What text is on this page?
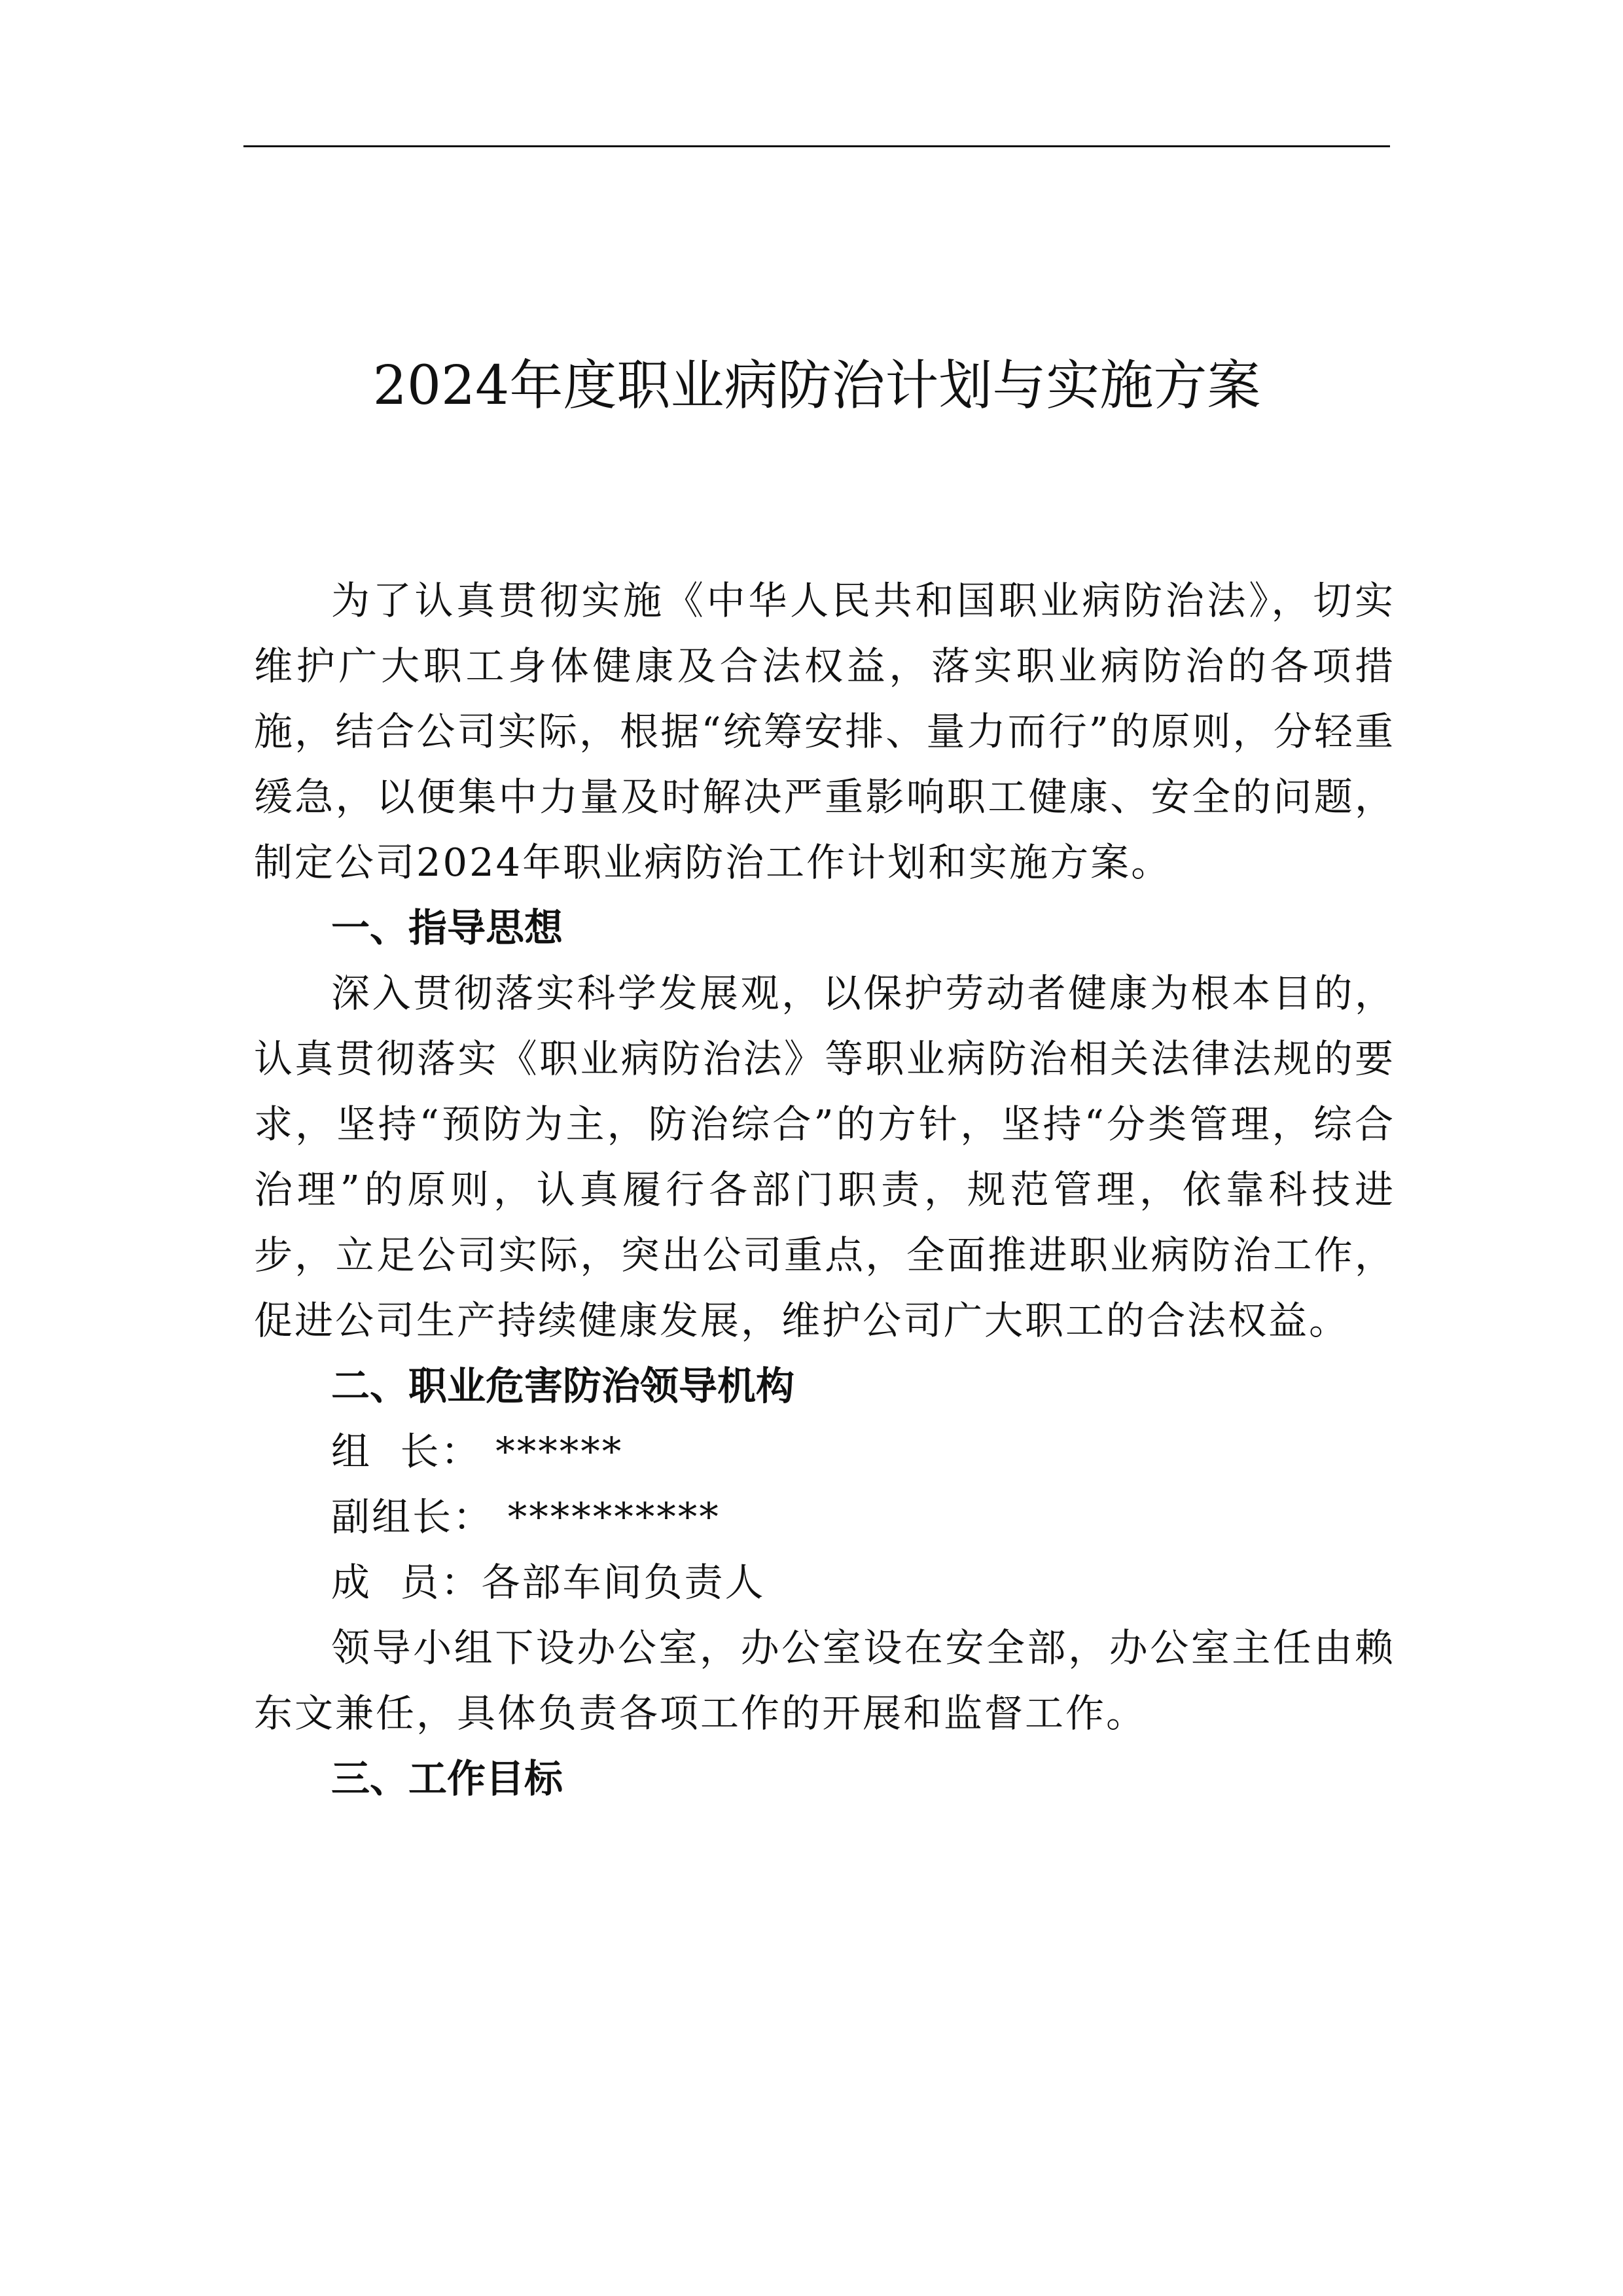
2024年度职业病防治计划与实施方案

为了认真贯彻实施《中华人民共和国职业病防治法》，切实维护广大职工身体健康及合法权益，落实职业病防治的各项措施，结合公司实际，根据“统筹安排、量力而行”的原则，分轻重缓急，以便集中力量及时解决严重影响职工健康、安全的问题，制定公司2024年职业病防治工作计划和实施方案。

一、指导思想

深入贯彻落实科学发展观，以保护劳动者健康为根本目的，认真贯彻落实《职业病防治法》等职业病防治相关法律法规的要求，坚持“预防为主，防治综合”的方针，坚持“分类管理，综合治理”的原则，认真履行各部门职责，规范管理，依靠科技进步，立足公司实际，突出公司重点，全面推进职业病防治工作，促进公司生产持续健康发展，维护公司广大职工的合法权益。

二、职业危害防治领导机构

组  长： ******

副组长： **********

成  员：各部车间负责人

领导小组下设办公室，办公室设在安全部，办公室主任由赖东文兼任，具体负责各项工作的开展和监督工作。

三、工作目标
